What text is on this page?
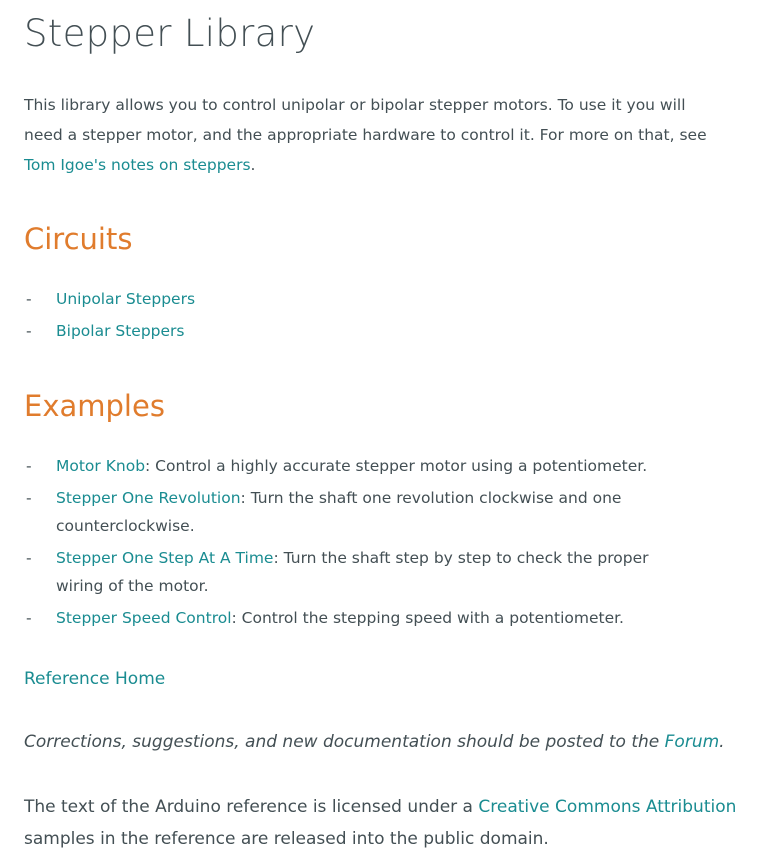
Stepper Library

This library allows you to control unipolar or bipolar stepper motors. To use it you will need a stepper motor, and the appropriate hardware to control it. For more on that, see Tom Igoe's notes on steppers.

Circuits
- Unipolar Steppers
- Bipolar Steppers
Examples
- Motor Knob: Control a highly accurate stepper motor using a potentiometer.
- Stepper One Revolution: Turn the shaft one revolution clockwise and one counterclockwise.
- Stepper One Step At A Time: Turn the shaft step by step to check the proper wiring of the motor.
- Stepper Speed Control: Control the stepping speed with a potentiometer.
Reference Home
Corrections, suggestions, and new documentation should be posted to the Forum.
The text of the Arduino reference is licensed under a Creative Commons Attribution
samples in the reference are released into the public domain.
